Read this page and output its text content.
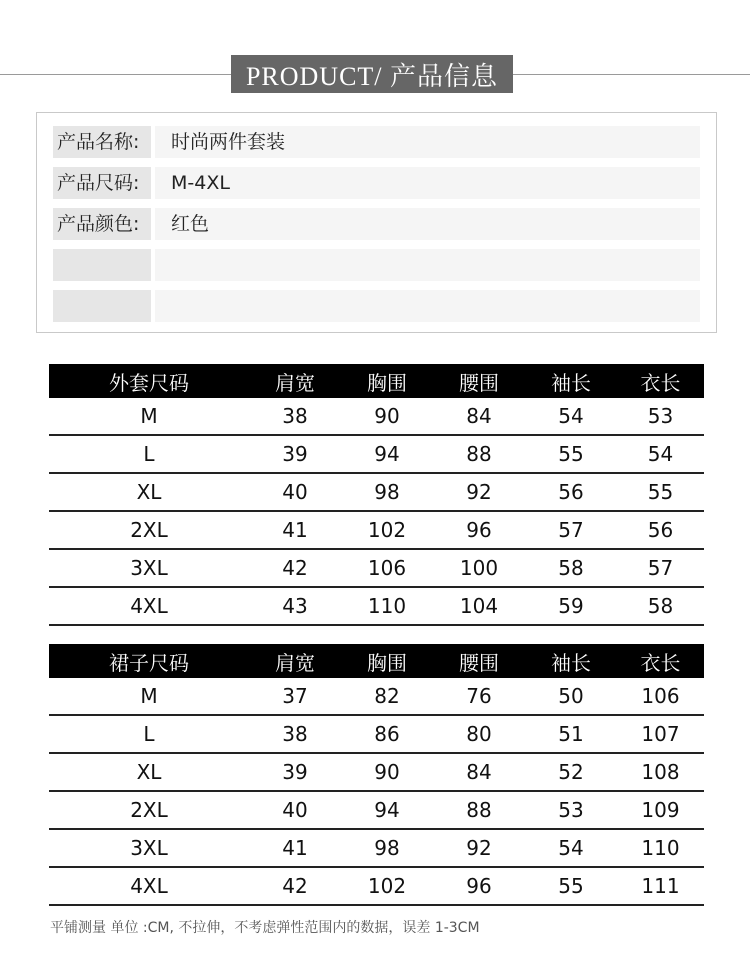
PRODUCT/ 产品信息
产品名称:	时尚两件套装
产品尺码:	M-4XL
产品颜色:	红色
外套尺码	肩宽	胸围	腰围	袖长	衣长
M	38	90	84	54	53
L	39	94	88	55	54
XL	40	98	92	56	55
2XL	41	102	96	57	56
3XL	42	106	100	58	57
4XL	43	110	104	59	58
裙子尺码	肩宽	胸围	腰围	袖长	衣长
M	37	82	76	50	106
L	38	86	80	51	107
XL	39	90	84	52	108
2XL	40	94	88	53	109
3XL	41	98	92	54	110
4XL	42	102	96	55	111
平铺测量 单位 :CM, 不拉伸，不考虑弹性范围内的数据，误差 1-3CM
